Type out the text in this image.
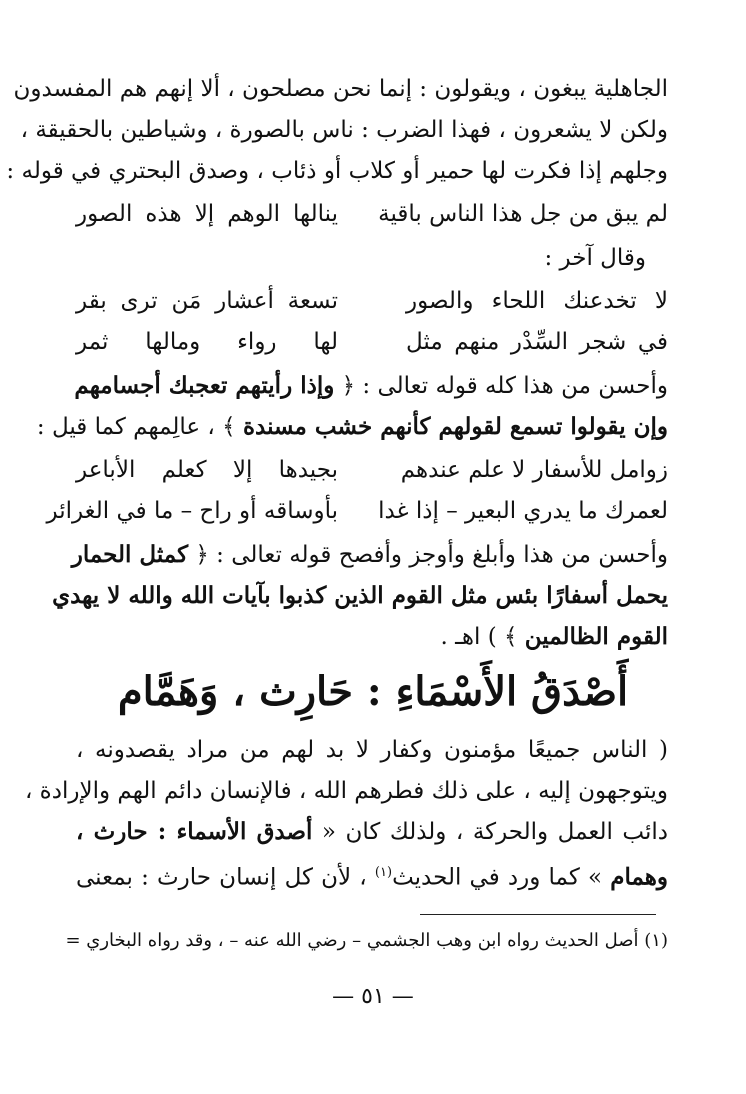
الجاهلية يبغون ، ويقولون : إنما نحن مصلحون ، ألا إنهم هم المفسدون
ولكن لا يشعرون ، فهذا الضرب : ناس بالصورة ، وشياطين بالحقيقة ،
وجلهم إذا فكرت لها حمير أو كلاب أو ذئاب ، وصدق البحتري في قوله :
لم يبق من جل هذا الناس باقية
ينالها الوهم إلا هذه الصور
وقال آخر :
لا تخدعنك اللحاء والصور
تسعة أعشار مَن ترى بقر
في شجر السِّدْر منهم مثل
لها رواء ومالها ثمر
وأحسن من هذا كله قوله تعالى : ﴿ وإذا رأيتهم تعجبك أجسامهم
وإن يقولوا تسمع لقولهم كأنهم خشب مسندة ﴾ ، عالِمهم كما قيل :
زوامل للأسفار لا علم عندهم
بجيدها إلا كعلم الأباعر
لعمرك ما يدري البعير – إذا غدا
بأوساقه أو راح – ما في الغرائر
وأحسن من هذا وأبلغ وأوجز وأفصح قوله تعالى : ﴿ كمثل الحمار
يحمل أسفارًا بئس مثل القوم الذين كذبوا بآيات الله والله لا يهدي
القوم الظالمين ﴾ ) اهـ .
أَصْدَقُ الأَسْمَاءِ : حَارِث ، وَهَمَّام
( الناس جميعًا مؤمنون وكفار لا بد لهم من مراد يقصدونه ،
ويتوجهون إليه ، على ذلك فطرهم الله ، فالإنسان دائم الهم والإرادة ،
دائب العمل والحركة ، ولذلك كان « أصدق الأسماء : حارث ،
وهمام » كما ورد في الحديث$^{(١)}$ ، لأن كل إنسان حارث : بمعنى
(١) أصل الحديث رواه ابن وهب الجشمي – رضي الله عنه – ، وقد رواه البخاري =
— ٥١ —
